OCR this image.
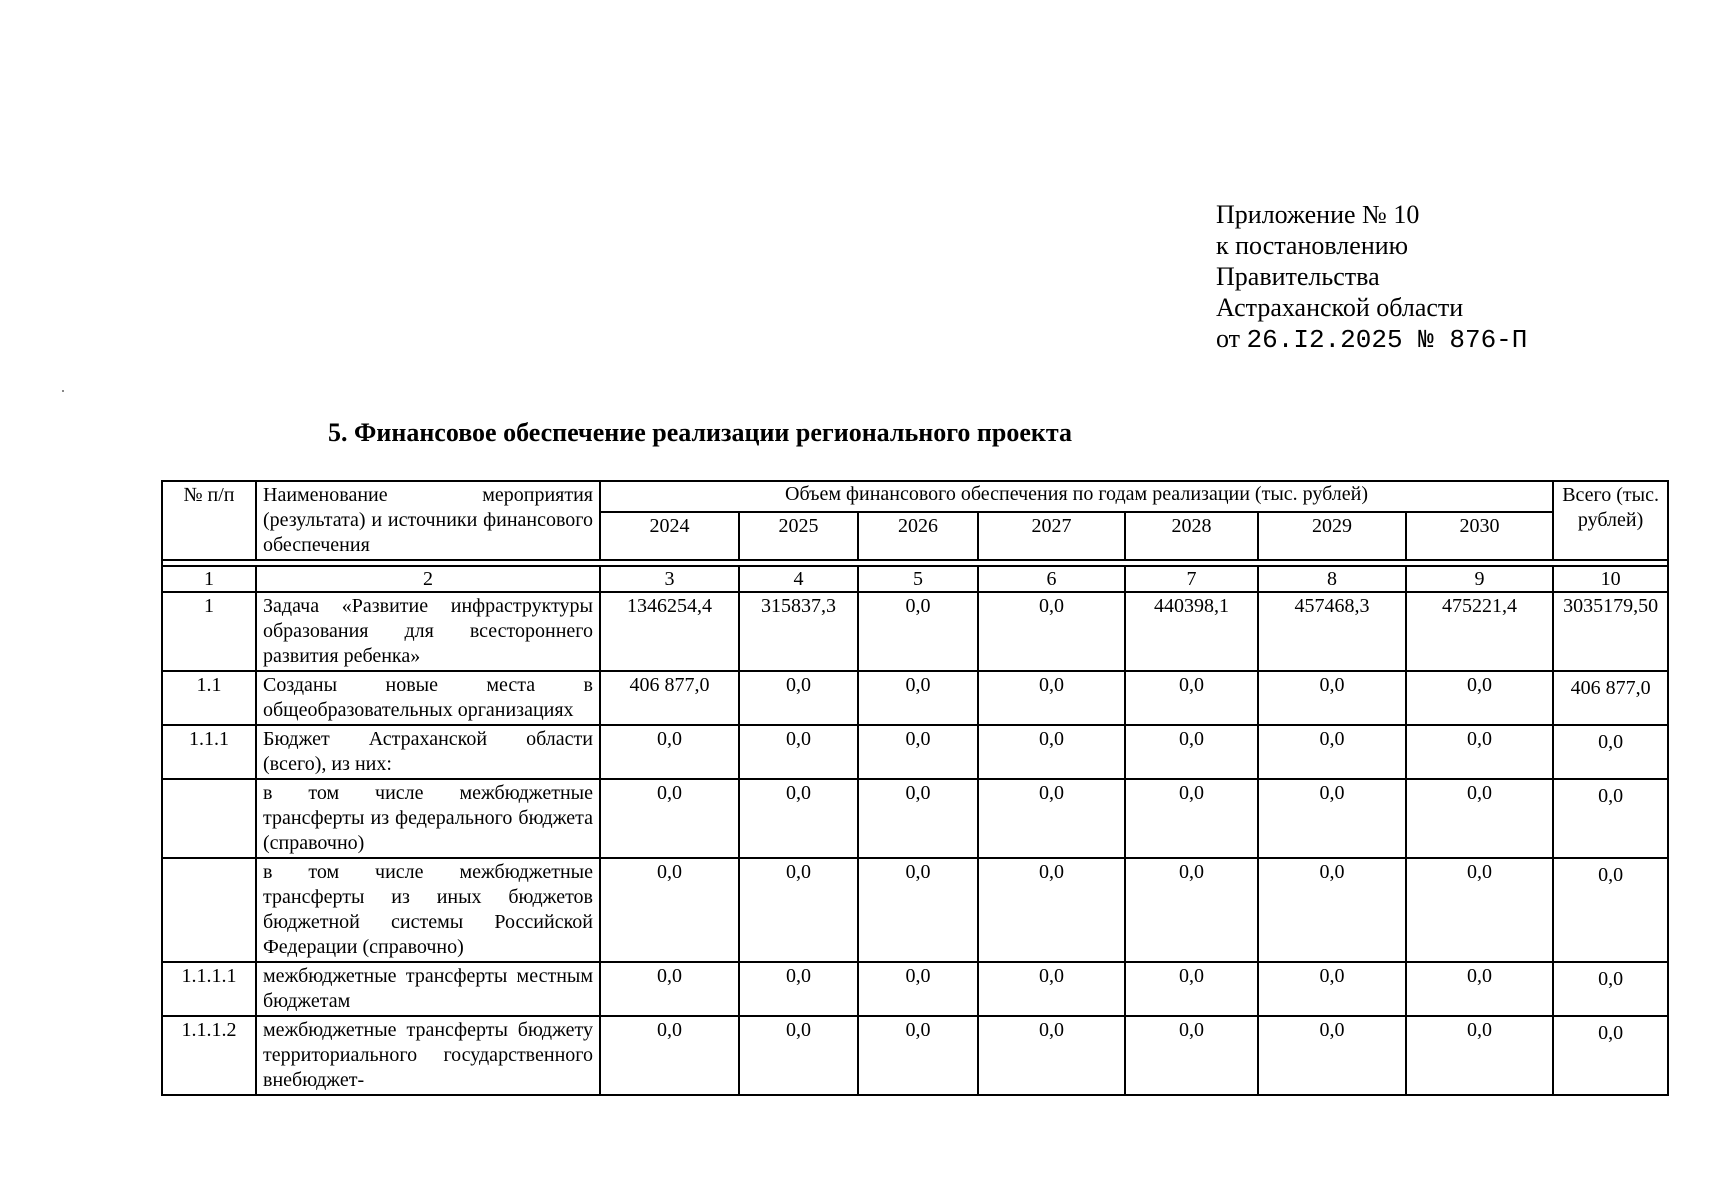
Приложение № 10
к постановлению
Правительства
Астраханской области
от 26.I2.2025 № 876-П
5. Финансовое обеспечение реализации регионального проекта
№ п/п	Наименование мероприятия (результата) и источники финансового обеспечения	Объем финансового обеспечения по годам реализации (тыс. рублей)							Всего (тыс. рублей)
		2024	2025	2026	2027	2028	2029	2030	

1	2	3	4	5	6	7	8	9	10
1	Задача «Развитие инфраструктуры образования для всестороннего развития ребенка»	1346254,4	315837,3	0,0	0,0	440398,1	457468,3	475221,4	3035179,50
1.1	Созданы новые места в общеобразовательных организациях	406 877,0	0,0	0,0	0,0	0,0	0,0	0,0	406 877,0
1.1.1	Бюджет Астраханской области (всего), из них:	0,0	0,0	0,0	0,0	0,0	0,0	0,0	0,0
	в том числе межбюджетные трансферты из федерального бюджета (справочно)	0,0	0,0	0,0	0,0	0,0	0,0	0,0	0,0
	в том числе межбюджетные трансферты из иных бюджетов бюджетной системы Российской Федерации (справочно)	0,0	0,0	0,0	0,0	0,0	0,0	0,0	0,0
1.1.1.1	межбюджетные трансферты местным бюджетам	0,0	0,0	0,0	0,0	0,0	0,0	0,0	0,0
1.1.1.2	межбюджетные трансферты бюджету территориального государственного внебюджет-	0,0	0,0	0,0	0,0	0,0	0,0	0,0	0,0
